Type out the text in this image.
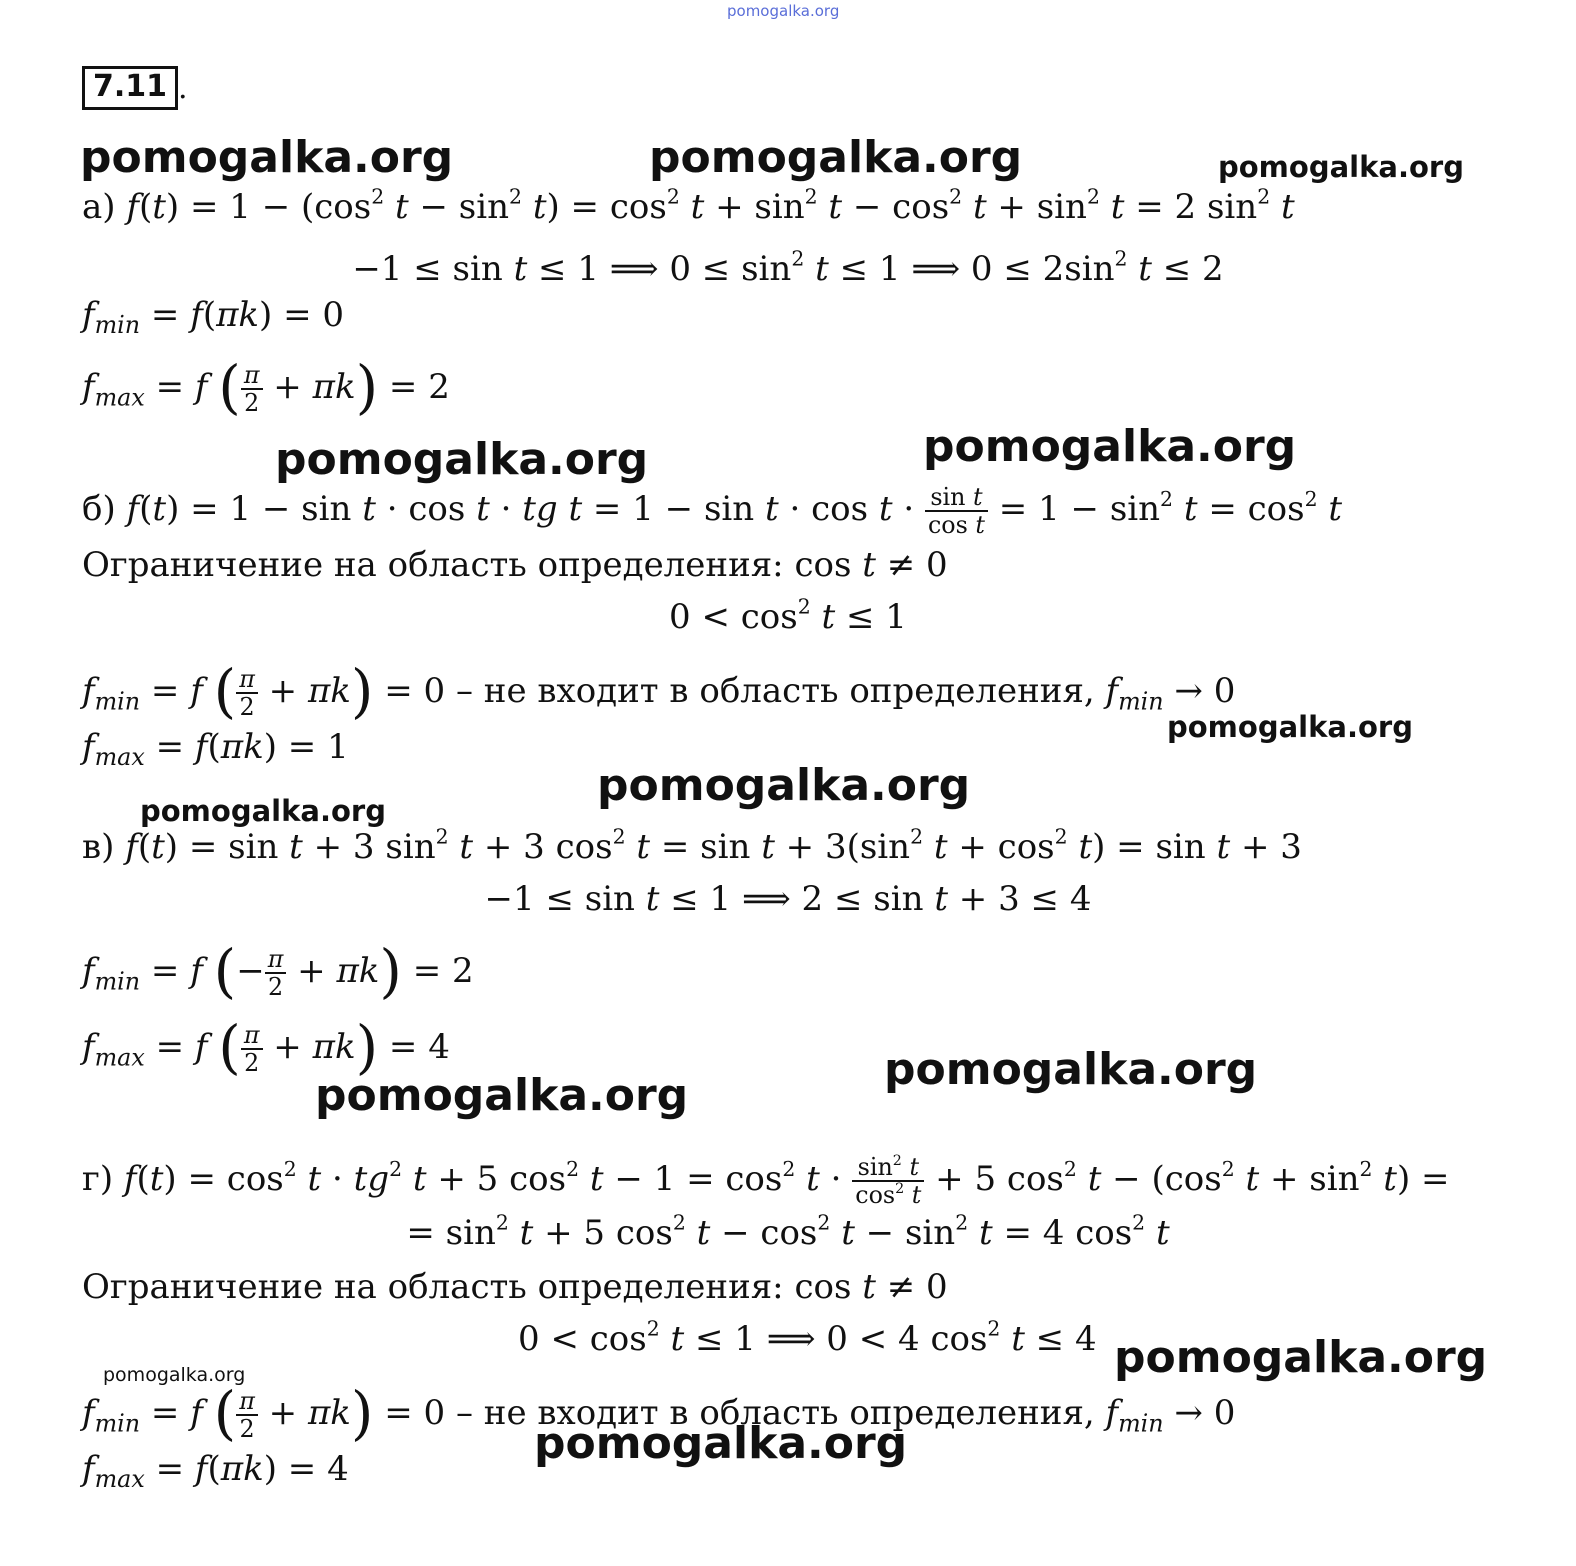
pomogalka.org
pomogalka.org	pomogalka.org	pomogalka.org
pomogalka.org	pomogalka.org
pomogalka.org
pomogalka.org
pomogalka.org
pomogalka.org
pomogalka.org
pomogalka.org
pomogalka.org
pomogalka.org
7.11 .
а) $f(t) = 1 - (\cos^2$ $t - \sin^2 t) = \cos^2 t + \sin^2 t - \cos^2 t + \sin^2 t = 2$ $\sin^2 t$
−1 ≤ sin t ≤ 1 ⟹ $0 \le \sin^2 t \le 1$ ⟹ $0 \le 2\sin^2$ t ≤ 2
$f_{min} = f(\pi k) = 0$
$f_{max} = f$ ( $\frac{\pi}{2} + \pi k) = 2$
б) f(t) = 1 − sin t · cos t · tg $t = 1 - \sin t \cdot \cos t \cdot \frac{\text{sin t}}{\text{cos t}} = 1 - \sin^2 t = \cos^2 t$
Ограничение на область определения: cos t ≠ 0
$0 < \cos^2 t \le 1$
$f_{min} = f$ ( $\frac{\pi}{2} + \pi k) = 0$ – не входит в область определения, $f_{min} \to 0$
$f_{max} = f(\pi k) = 1$
в) f(t) = sin t + 3 $\sin^2 t + 3$ $\cos^2 t = \sin t + 3(\sin^2$ $t + \cos^2 t) = \sin t + 3$
−1 ≤ sin t ≤ 1 ⟹ 2 ≤ sin t + 3 ≤ 4
$f_{min} = f$ (− $\frac{\pi}{2} + \pi k) = 2$
$f_{max} = f$ ( $\frac{\pi}{2} + \pi k) = 4$
г) $f(t) = \cos^2 t \cdot tg^2$ t + 5 $\cos^2 t - 1 = \cos^2 t \cdot \frac{\sin^2 t}{\cos^2 t} + 5$ $\cos^2 t - (\cos^2$ $t + \sin^2 t$) =
= $\sin^2 t + 5$ $\cos^2 t - \cos^2 t - \sin^2 t = 4$ $\cos^2 t$
Ограничение на область определения: cos t ≠ 0
$0 < \cos^2 t \le 1$ ⟹ 0 < 4 $\cos^2 t \le 4$
$f_{min} = f$ ( $\frac{\pi}{2} + \pi k) = 0$ – не входит в область определения, $f_{min} \to 0$
$f_{max} = f(\pi k) = 4$
